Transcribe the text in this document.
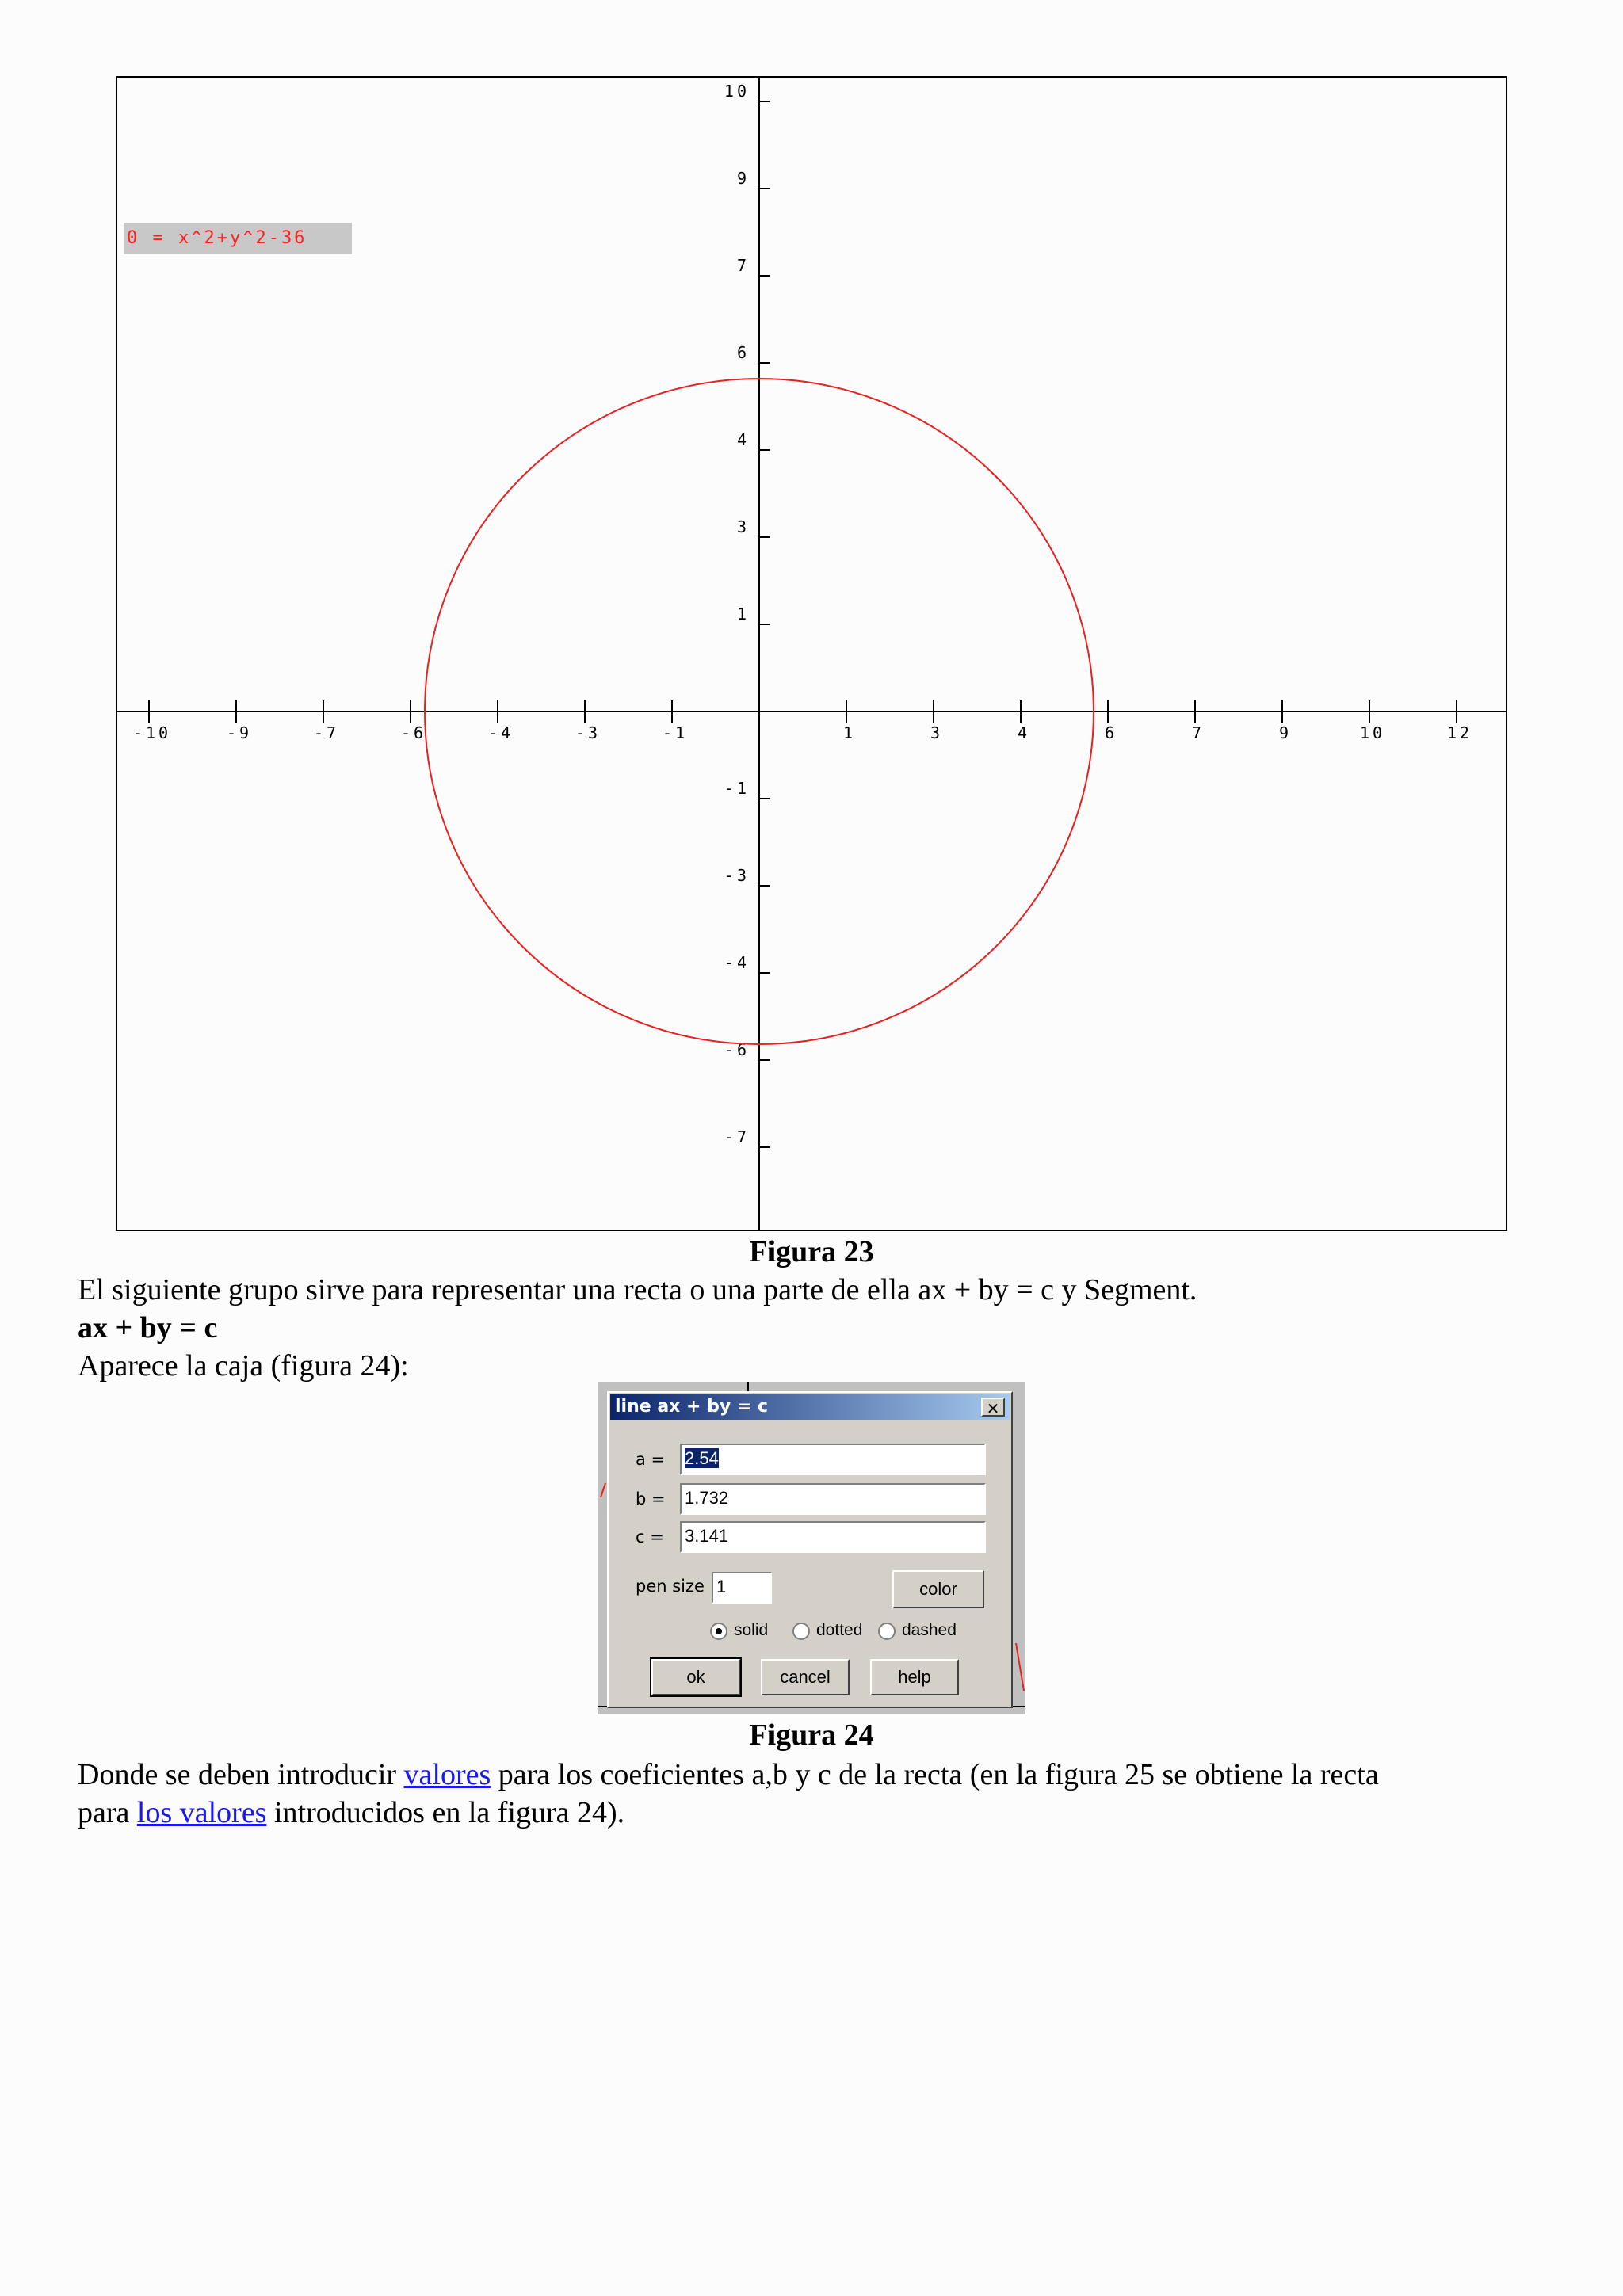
-10	-9	-7	-6	-4	-3	-1	1	3	4	6	7	9	10	12
10
9
7
6
4
3
1
-1
-3
-4
-6
-7
0 = x^2+y^2-36
Figura 23
El siguiente grupo sirve para representar una recta o una parte de ella ax + by = c y Segment.
ax + by = c
Aparece la caja (figura 24):
line ax + by = c	✕
a = 2.54
b = 1.732
c = 3.141
pen size 1	color
solid	dotted dashed
ok	cancel	help
Figura 24
Donde se deben introducir valores para los coeficientes a,b y c de la recta (en la figura 25 se obtiene la recta
para los valores introducidos en la figura 24).
